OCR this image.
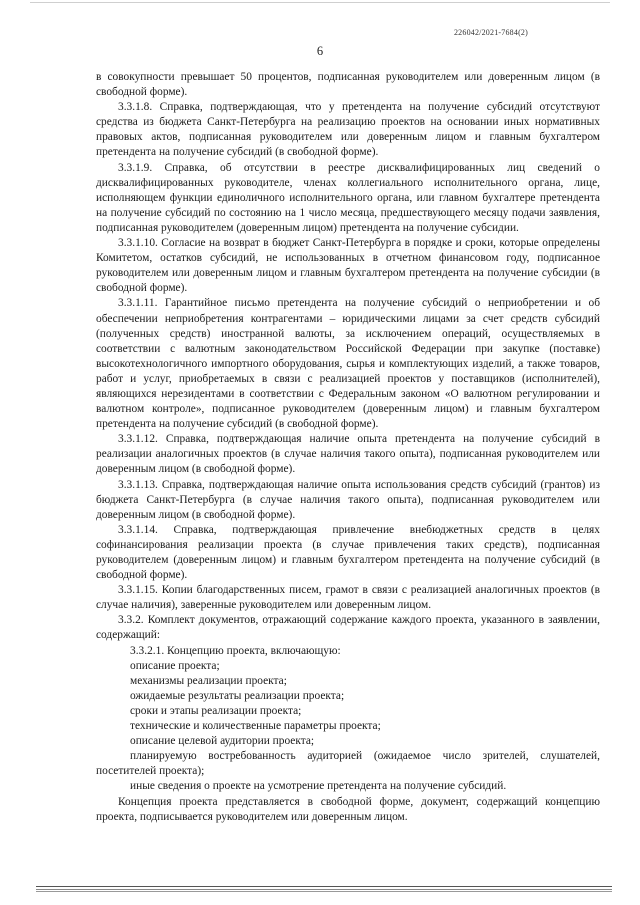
226042/2021-7684(2)
6

в совокупности превышает 50 процентов, подписанная руководителем или доверенным лицом (в свободной форме).

3.3.1.8. Справка, подтверждающая, что у претендента на получение субсидий отсутствуют средства из бюджета Санкт-Петербурга на реализацию проектов на основании иных нормативных правовых актов, подписанная руководителем или доверенным лицом и главным бухгалтером претендента на получение субсидий (в свободной форме).

3.3.1.9. Справка, об отсутствии в реестре дисквалифицированных лиц сведений о дисквалифицированных руководителе, членах коллегиального исполнительного органа, лице, исполняющем функции единоличного исполнительного органа, или главном бухгалтере претендента на получение субсидий по состоянию на 1 число месяца, предшествующего месяцу подачи заявления, подписанная руководителем (доверенным лицом) претендента на получение субсидии.

3.3.1.10. Согласие на возврат в бюджет Санкт-Петербурга в порядке и сроки, которые определены Комитетом, остатков субсидий, не использованных в отчетном финансовом году, подписанное руководителем или доверенным лицом и главным бухгалтером претендента на получение субсидии (в свободной форме).

3.3.1.11. Гарантийное письмо претендента на получение субсидий о неприобретении и об обеспечении неприобретения контрагентами – юридическими лицами за счет средств субсидий (полученных средств) иностранной валюты, за исключением операций, осуществляемых в соответствии с валютным законодательством Российской Федерации при закупке (поставке) высокотехнологичного импортного оборудования, сырья и комплектующих изделий, а также товаров, работ и услуг, приобретаемых в связи с реализацией проектов у поставщиков (исполнителей), являющихся нерезидентами в соответствии с Федеральным законом «О валютном регулировании и валютном контроле», подписанное руководителем (доверенным лицом) и главным бухгалтером претендента на получение субсидий (в свободной форме).

3.3.1.12. Справка, подтверждающая наличие опыта претендента на получение субсидий в реализации аналогичных проектов (в случае наличия такого опыта), подписанная руководителем или доверенным лицом (в свободной форме).

3.3.1.13. Справка, подтверждающая наличие опыта использования средств субсидий (грантов) из бюджета Санкт-Петербурга (в случае наличия такого опыта), подписанная руководителем или доверенным лицом (в свободной форме).

3.3.1.14. Справка, подтверждающая привлечение внебюджетных средств в целях софинансирования реализации проекта (в случае привлечения таких средств), подписанная руководителем (доверенным лицом) и главным бухгалтером претендента на получение субсидий (в свободной форме).

3.3.1.15. Копии благодарственных писем, грамот в связи с реализацией аналогичных проектов (в случае наличия), заверенные руководителем или доверенным лицом.

3.3.2. Комплект документов, отражающий содержание каждого проекта, указанного в заявлении, содержащий:

3.3.2.1. Концепцию проекта, включающую:

описание проекта;

механизмы реализации проекта;

ожидаемые результаты реализации проекта;

сроки и этапы реализации проекта;

технические и количественные параметры проекта;

описание целевой аудитории проекта;

планируемую востребованность аудиторией (ожидаемое число зрителей, слушателей, посетителей проекта);

иные сведения о проекте на усмотрение претендента на получение субсидий.

Концепция проекта представляется в свободной форме, документ, содержащий концепцию проекта, подписывается руководителем или доверенным лицом.
